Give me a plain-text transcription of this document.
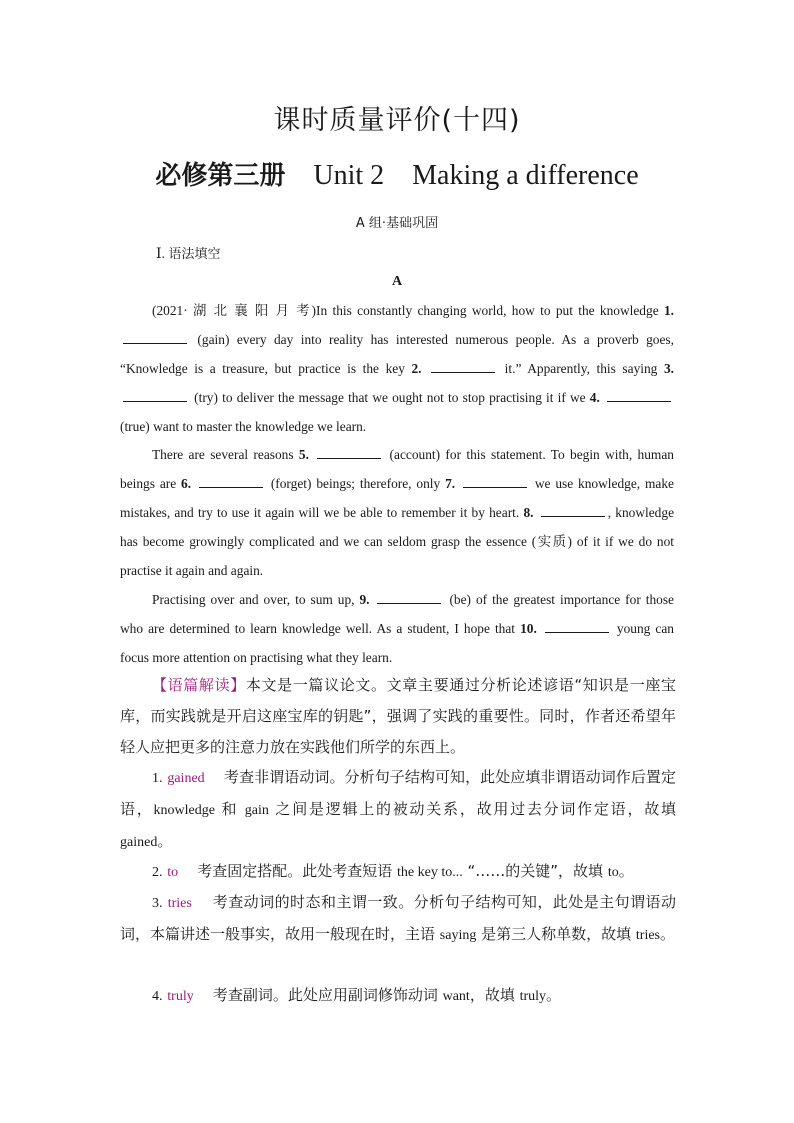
课时质量评价(十四)
必修第三册 Unit 2    Making a difference
A 组·基础巩固
Ⅰ. 语法填空
A

(2021· 湖 北 襄 阳 月 考)In this constantly changing world, how to put the knowledge 1.  (gain) every day into reality has interested numerous people. As a proverb goes, “Knowledge is a treasure, but practice is the key 2.	it.” Apparently, this saying 3.  (try) to deliver the message that we ought not to stop practising it if we 4.  (true) want to master the knowledge we learn.

There are several reasons 5.	(account) for this statement. To begin with, human beings are 6.	(forget) beings; therefore, only 7.	we use knowledge, make mistakes, and try to use it again will we be able to remember it by heart. 8.	, knowledge has become growingly complicated and we can seldom grasp the essence (实质) of it if we do not practise it again and again.

Practising over and over, to sum up, 9.	(be) of the greatest importance for those who are determined to learn knowledge well. As a student, I hope that 10.	young can focus more attention on practising what they learn.

【语篇解读】本文是一篇议论文。文章主要通过分析论述谚语“知识是一座宝库，而实践就是开启这座宝库的钥匙”，强调了实践的重要性。同时，作者还希望年轻人应把更多的注意力放在实践他们所学的东西上。

1. gained 考查非谓语动词。分析句子结构可知，此处应填非谓语动词作后置定语，knowledge 和 gain 之间是逻辑上的被动关系，故用过去分词作定语，故填 gained。

2. to 考查固定搭配。此处考查短语 the key to... “……的关键”，故填 to。

3. tries 考查动词的时态和主谓一致。分析句子结构可知，此处是主句谓语动词，本篇讲述一般事实，故用一般现在时，主语 saying 是第三人称单数，故填 tries。

4. truly 考查副词。此处应用副词修饰动词 want，故填 truly。
